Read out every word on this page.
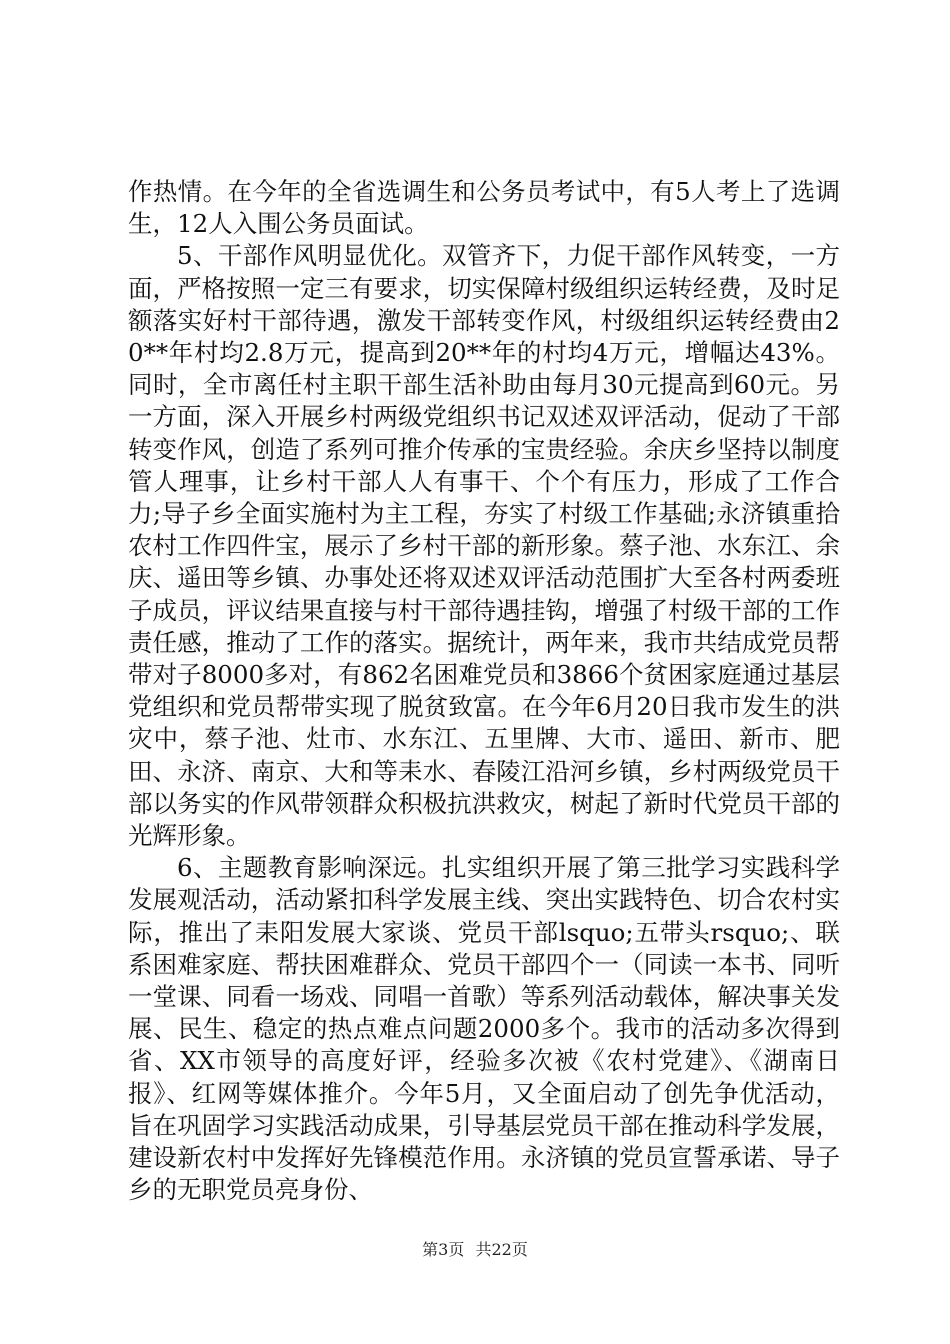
作热情。在今年的全省选调生和公务员考试中，有5人考上了选调生，12人入围公务员面试。

5、干部作风明显优化。双管齐下，力促干部作风转变，一方面，严格按照一定三有要求，切实保障村级组织运转经费，及时足额落实好村干部待遇，激发干部转变作风，村级组织运转经费由20**年村均2.8万元，提高到20**年的村均4万元，增幅达43%。同时，全市离任村主职干部生活补助由每月30元提高到60元。另一方面，深入开展乡村两级党组织书记双述双评活动，促动了干部转变作风，创造了系列可推介传承的宝贵经验。余庆乡坚持以制度管人理事，让乡村干部人人有事干、个个有压力，形成了工作合力;导子乡全面实施村为主工程，夯实了村级工作基础;永济镇重拾农村工作四件宝，展示了乡村干部的新形象。蔡子池、水东江、余庆、遥田等乡镇、办事处还将双述双评活动范围扩大至各村两委班子成员，评议结果直接与村干部待遇挂钩，增强了村级干部的工作责任感，推动了工作的落实。据统计，两年来，我市共结成党员帮带对子8000多对，有862名困难党员和3866个贫困家庭通过基层党组织和党员帮带实现了脱贫致富。在今年6月20日我市发生的洪灾中，蔡子池、灶市、水东江、五里牌、大市、遥田、新市、肥田、永济、南京、大和等耒水、春陵江沿河乡镇，乡村两级党员干部以务实的作风带领群众积极抗洪救灾，树起了新时代党员干部的光辉形象。

6、主题教育影响深远。扎实组织开展了第三批学习实践科学发展观活动，活动紧扣科学发展主线、突出实践特色、切合农村实际，推出了耒阳发展大家谈、党员干部lsquo;五带头rsquo;、联系困难家庭、帮扶困难群众、党员干部四个一（同读一本书、同听一堂课、同看一场戏、同唱一首歌）等系列活动载体，解决事关发展、民生、稳定的热点难点问题2000多个。我市的活动多次得到省、XX市领导的高度好评，经验多次被《农村党建》、《湖南日报》、红网等媒体推介。今年5月，又全面启动了创先争优活动，旨在巩固学习实践活动成果，引导基层党员干部在推动科学发展，建设新农村中发挥好先锋模范作用。永济镇的党员宣誓承诺、导子乡的无职党员亮身份、

第3页 共22页
